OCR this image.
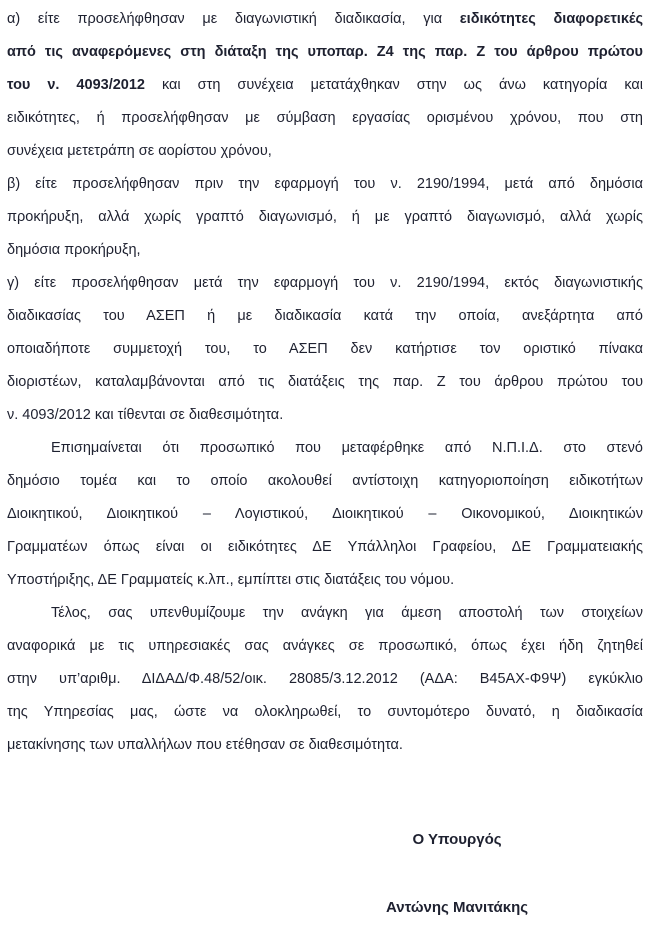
α) είτε προσελήφθησαν με διαγωνιστική διαδικασία, για ειδικότητες διαφορετικές
από τις αναφερόμενες στη διάταξη της υποπαρ. Ζ4 της παρ. Ζ του άρθρου πρώτου
του ν. 4093/2012 και στη συνέχεια μετατάχθηκαν στην ως άνω κατηγορία και
ειδικότητες, ή προσελήφθησαν με σύμβαση εργασίας ορισμένου χρόνου, που στη
συνέχεια μετετράπη σε αορίστου χρόνου,
β) είτε προσελήφθησαν πριν την εφαρμογή του ν. 2190/1994, μετά από δημόσια
προκήρυξη, αλλά χωρίς γραπτό διαγωνισμό, ή με γραπτό διαγωνισμό, αλλά χωρίς
δημόσια προκήρυξη,
γ) είτε προσελήφθησαν μετά την εφαρμογή του ν. 2190/1994, εκτός διαγωνιστικής
διαδικασίας του ΑΣΕΠ ή με διαδικασία κατά την οποία, ανεξάρτητα από
οποιαδήποτε συμμετοχή του, το ΑΣΕΠ δεν κατήρτισε τον οριστικό πίνακα
διοριστέων, καταλαμβάνονται από τις διατάξεις της παρ. Ζ του άρθρου πρώτου του
ν. 4093/2012 και τίθενται σε διαθεσιμότητα.
Επισημαίνεται ότι προσωπικό που μεταφέρθηκε από Ν.Π.Ι.Δ. στο στενό
δημόσιο τομέα και το οποίο ακολουθεί αντίστοιχη κατηγοριοποίηση ειδικοτήτων
Διοικητικού, Διοικητικού – Λογιστικού, Διοικητικού – Οικονομικού, Διοικητικών
Γραμματέων όπως είναι οι ειδικότητες ΔΕ Υπάλληλοι Γραφείου, ΔΕ Γραμματειακής
Υποστήριξης, ΔΕ Γραμματείς κ.λπ., εμπίπτει στις διατάξεις του νόμου.
Τέλος, σας υπενθυμίζουμε την ανάγκη για άμεση αποστολή των στοιχείων
αναφορικά με τις υπηρεσιακές σας ανάγκες σε προσωπικό, όπως έχει ήδη ζητηθεί
στην υπ’αριθμ. ΔΙΔΑΔ/Φ.48/52/οικ. 28085/3.12.2012 (ΑΔΑ: Β45ΑΧ-Φ9Ψ) εγκύκλιο
της Υπηρεσίας μας, ώστε να ολοκληρωθεί, το συντομότερο δυνατό, η διαδικασία
μετακίνησης των υπαλλήλων που ετέθησαν σε διαθεσιμότητα.
Ο Υπουργός
Αντώνης Μανιτάκης
